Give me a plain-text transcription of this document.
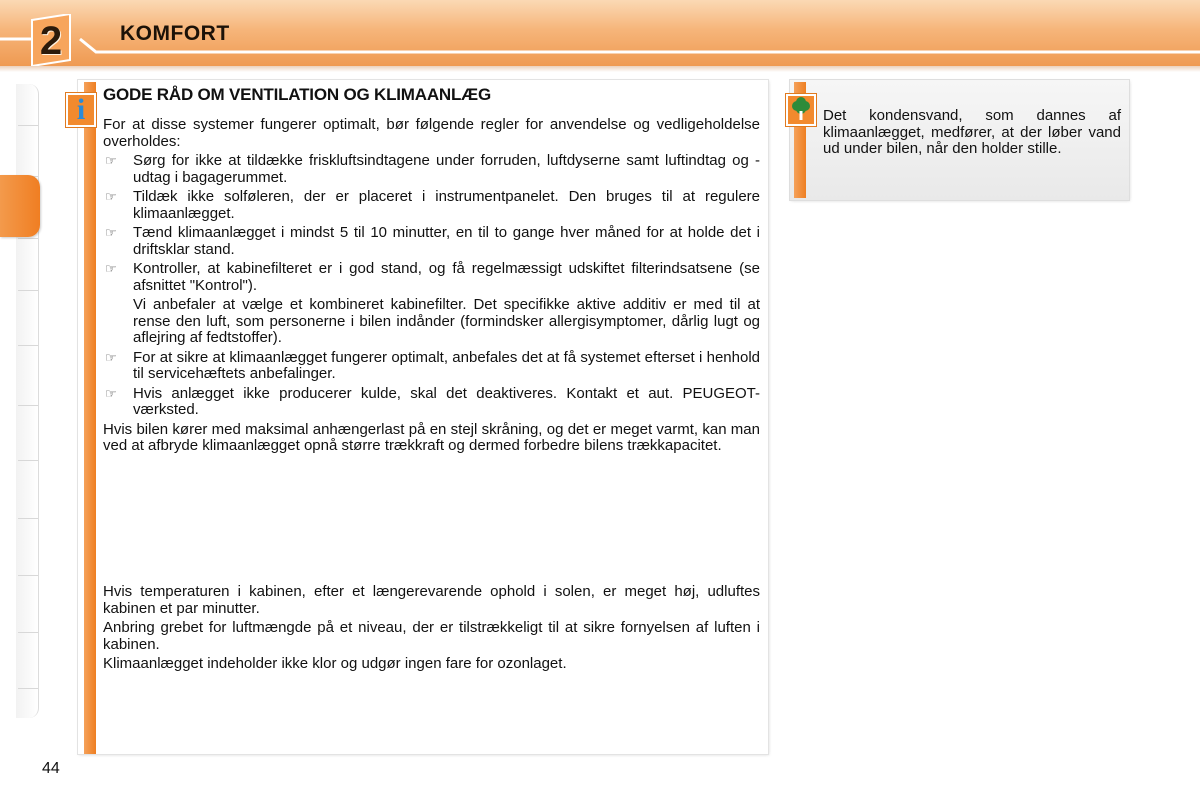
2	KOMFORT
i	GODE RÅD OM VENTILATION OG KLIMAANLÆG

For at disse systemer fungerer optimalt, bør følgende regler for anvendelse og vedligeholdelse overholdes:

☞ Sørg for ikke at tildække friskluftsindtagene under forruden, luftdyserne samt luftindtag og -udtag i bagagerummet.
☞ Tildæk ikke solføleren, der er placeret i instrumentpanelet. Den bruges til at regulere klimaanlægget.
☞ Tænd klimaanlægget i mindst 5 til 10 minutter, en til to gange hver måned for at holde det i driftsklar stand.
☞ Kontroller, at kabinefilteret er i god stand, og få regelmæssigt udskiftet filterindsatsene (se afsnittet "Kontrol").
Vi anbefaler at vælge et kombineret kabinefilter. Det specifikke aktive additiv er med til at rense den luft, som personerne i bilen indånder (formindsker allergisymptomer, dårlig lugt og aflejring af fedtstoffer).
☞ For at sikre at klimaanlægget fungerer optimalt, anbefales det at få systemet efterset i henhold til servicehæftets anbefalinger.
☞ Hvis anlægget ikke producerer kulde, skal det deaktiveres. Kontakt et aut. PEUGEOT-værksted.

Hvis bilen kører med maksimal anhængerlast på en stejl skråning, og det er meget varmt, kan man ved at afbryde klimaanlægget opnå større trækkraft og dermed forbedre bilens trækkapacitet.

Hvis temperaturen i kabinen, efter et længerevarende ophold i solen, er meget høj, udluftes kabinen et par minutter.

Anbring grebet for luftmængde på et niveau, der er tilstrækkeligt til at sikre fornyelsen af luften i kabinen.

Klimaanlægget indeholder ikke klor og udgør ingen fare for ozonlaget.

Det kondensvand, som dannes af klimaanlægget, medfører, at der løber vand ud under bilen, når den holder stille.
44
